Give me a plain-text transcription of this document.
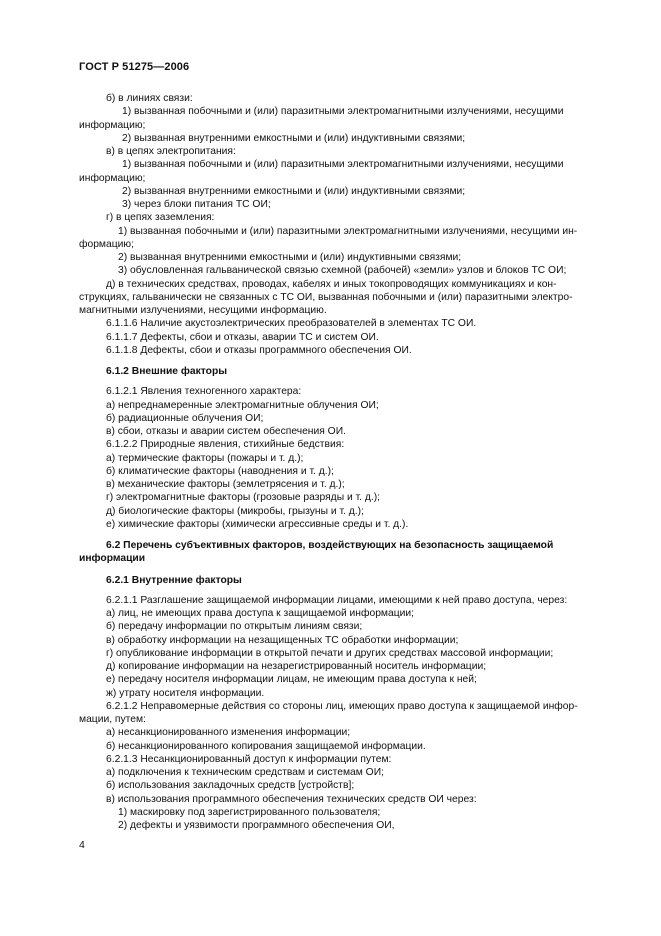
ГОСТ Р 51275—2006

б) в линиях связи:

1) вызванная побочными и (или) паразитными электромагнитными излучениями, несущими

информацию;

2) вызванная внутренними емкостными и (или) индуктивными связями;

в) в цепях электропитания:

1) вызванная побочными и (или) паразитными электромагнитными излучениями, несущими

информацию;

2) вызванная внутренними емкостными и (или) индуктивными связями;

3) через блоки питания ТС ОИ;

г) в цепях заземления:

1) вызванная побочными и (или) паразитными электромагнитными излучениями, несущими ин-

формацию;

2) вызванная внутренними емкостными и (или) индуктивными связями;

3) обусловленная гальванической связью схемной (рабочей) «земли» узлов и блоков ТС ОИ;

д) в технических средствах, проводах, кабелях и иных токопроводящих коммуникациях и кон-

струкциях, гальванически не связанных с ТС ОИ, вызванная побочными и (или) паразитными электро-

магнитными излучениями, несущими информацию.

6.1.1.6 Наличие акустоэлектрических преобразователей в элементах ТС ОИ.

6.1.1.7 Дефекты, сбои и отказы, аварии ТС и систем ОИ.

6.1.1.8 Дефекты, сбои и отказы программного обеспечения ОИ.

6.1.2 Внешние факторы

6.1.2.1 Явления техногенного характера:

а) непреднамеренные электромагнитные облучения ОИ;

б) радиационные облучения ОИ;

в) сбои, отказы и аварии систем обеспечения ОИ.

6.1.2.2 Природные явления, стихийные бедствия:

а) термические факторы (пожары и т. д.);

б) климатические факторы (наводнения и т. д.);

в) механические факторы (землетрясения и т. д.);

г) электромагнитные факторы (грозовые разряды и т. д.);

д) биологические факторы (микробы, грызуны и т. д.);

е) химические факторы (химически агрессивные среды и т. д.).

6.2 Перечень субъективных факторов, воздействующих на безопасность защищаемой

информации

6.2.1 Внутренние факторы

6.2.1.1 Разглашение защищаемой информации лицами, имеющими к ней право доступа, через:

а) лиц, не имеющих права доступа к защищаемой информации;

б) передачу информации по открытым линиям связи;

в) обработку информации на незащищенных ТС обработки информации;

г) опубликование информации в открытой печати и других средствах массовой информации;

д) копирование информации на незарегистрированный носитель информации;

е) передачу носителя информации лицам, не имеющим права доступа к ней;

ж) утрату носителя информации.

6.2.1.2 Неправомерные действия со стороны лиц, имеющих право доступа к защищаемой инфор-

мации, путем:

а) несанкционированного изменения информации;

б) несанкционированного копирования защищаемой информации.

6.2.1.3 Несанкционированный доступ к информации путем:

а) подключения к техническим средствам и системам ОИ;

б) использования закладочных средств [устройств];

в) использования программного обеспечения технических средств ОИ через:

1) маскировку под зарегистрированного пользователя;

2) дефекты и уязвимости программного обеспечения ОИ,

4
